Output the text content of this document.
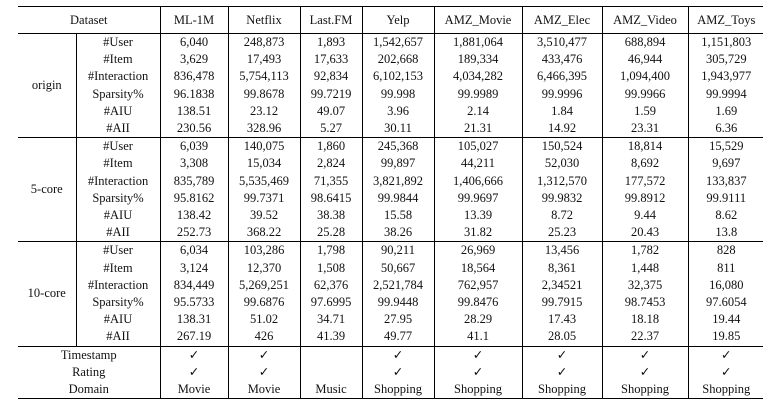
Dataset		ML-1M	Netflix	Last.FM	Yelp	AMZ_Movie	AMZ_Elec	AMZ_Video	AMZ_Toys
origin	#User	6,040	248,873	1,893	1,542,657	1,881,064	3,510,477	688,894	1,151,803
	#Item	3,629	17,493	17,633	202,668	189,334	433,476	46,944	305,729
	#Interaction	836,478	5,754,113	92,834	6,102,153	4,034,282	6,466,395	1,094,400	1,943,977
	Sparsity%	96.1838	99.8678	99.7219	99.998	99.9989	99.9996	99.9966	99.9994
	#AIU	138.51	23.12	49.07	3.96	2.14	1.84	1.59	1.69
	#AII	230.56	328.96	5.27	30.11	21.31	14.92	23.31	6.36
5-core	#User	6,039	140,075	1,860	245,368	105,027	150,524	18,814	15,529
	#Item	3,308	15,034	2,824	99,897	44,211	52,030	8,692	9,697
	#Interaction	835,789	5,535,469	71,355	3,821,892	1,406,666	1,312,570	177,572	133,837
	Sparsity%	95.8162	99.7371	98.6415	99.9844	99.9697	99.9832	99.8912	99.9111
	#AIU	138.42	39.52	38.38	15.58	13.39	8.72	9.44	8.62
	#AII	252.73	368.22	25.28	38.26	31.82	25.23	20.43	13.8
10-core	#User	6,034	103,286	1,798	90,211	26,969	13,456	1,782	828
	#Item	3,124	12,370	1,508	50,667	18,564	8,361	1,448	811
	#Interaction	834,449	5,269,251	62,376	2,521,784	762,957	2,34521	32,375	16,080
	Sparsity%	95.5733	99.6876	97.6995	99.9448	99.8476	99.7915	98.7453	97.6054
	#AIU	138.31	51.02	34.71	27.95	28.29	17.43	18.18	19.44
	#AII	267.19	426	41.39	49.77	41.1	28.05	22.37	19.85
Timestamp		✓	✓		✓	✓	✓	✓	✓
Rating		✓	✓		✓	✓	✓	✓	✓
Domain		Movie	Movie	Music	Shopping	Shopping	Shopping	Shopping	Shopping
